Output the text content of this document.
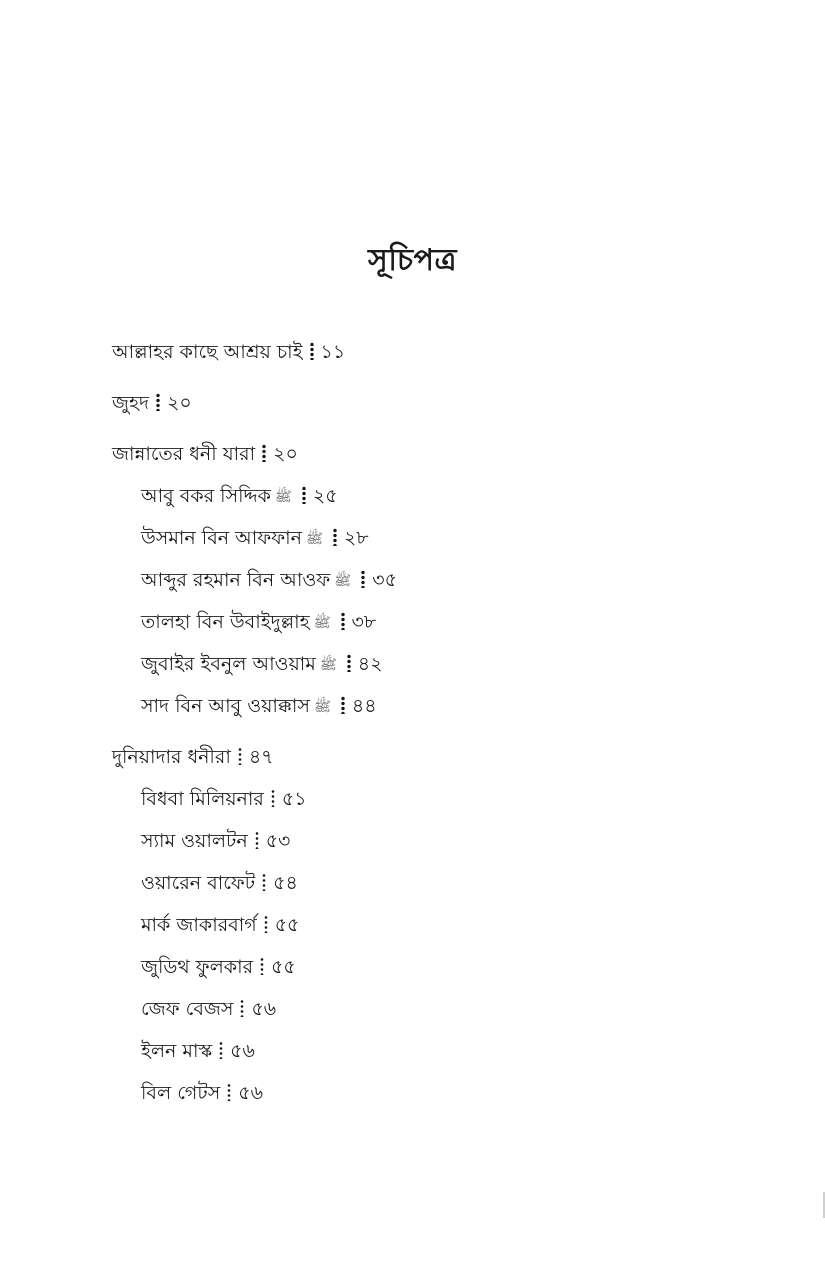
সূচিপত্র
আল্লাহর কাছে আশ্রয় চাই ১১
জুহদ ২০
জান্নাতের ধনী যারা ২০
আবু বকর সিদ্দিক ﷺ ২৫
উসমান বিন আফফান ﷺ ২৮
আব্দুর রহমান বিন আওফ ﷺ ৩৫
তালহা বিন উবাইদুল্লাহ ﷺ ৩৮
জুবাইর ইবনুল আওয়াম ﷺ ৪২
সাদ বিন আবু ওয়াক্কাস ﷺ ৪৪
দুনিয়াদার ধনীরা ৪৭
বিধবা মিলিয়নার ৫১
স্যাম ওয়ালটন ৫৩
ওয়ারেন বাফেট ৫৪
মার্ক জাকারবার্গ ৫৫
জুডিথ ফুলকার ৫৫
জেফ বেজস ৫৬
ইলন মাস্ক ৫৬
বিল গেটস ৫৬
